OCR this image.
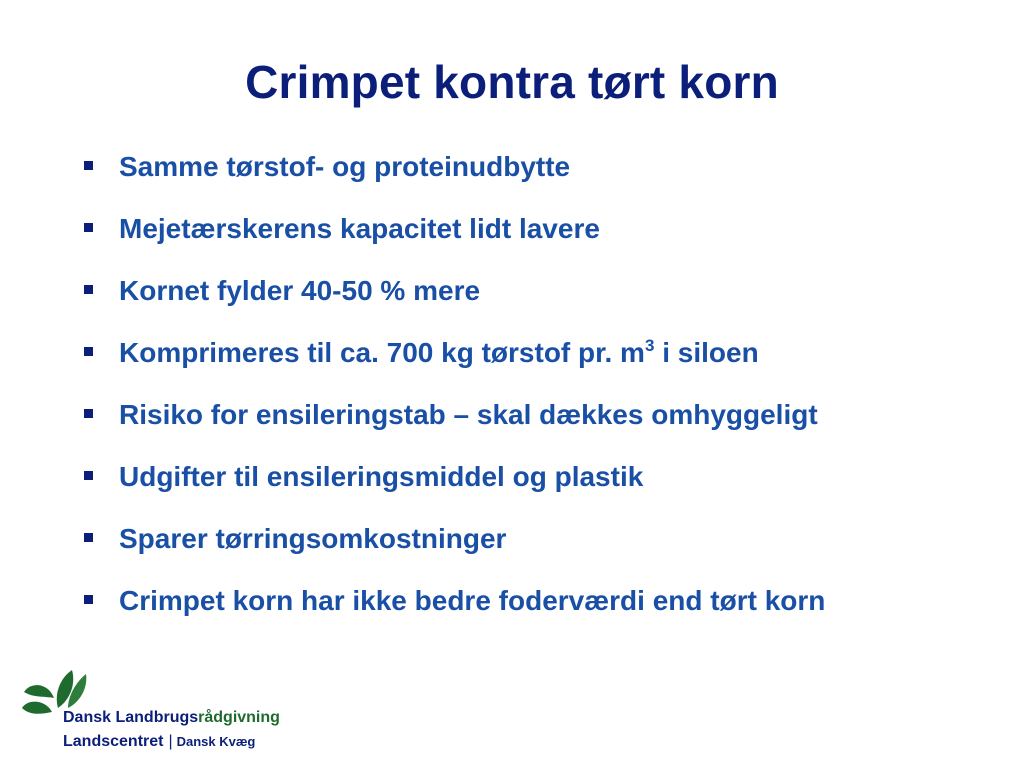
Crimpet kontra tørt korn
Samme tørstof- og proteinudbytte
Mejetærskerens kapacitet lidt lavere
Kornet fylder 40-50 % mere
Komprimeres til ca. 700 kg tørstof pr. $m^3$ i siloen
Risiko for ensileringstab – skal dækkes omhyggeligt
Udgifter til ensileringsmiddel og plastik
Sparer tørringsomkostninger
Crimpet korn har ikke bedre foderværdi end tørt korn
Dansk Landbrugsrådgivning
Landscentret | Dansk Kvæg
